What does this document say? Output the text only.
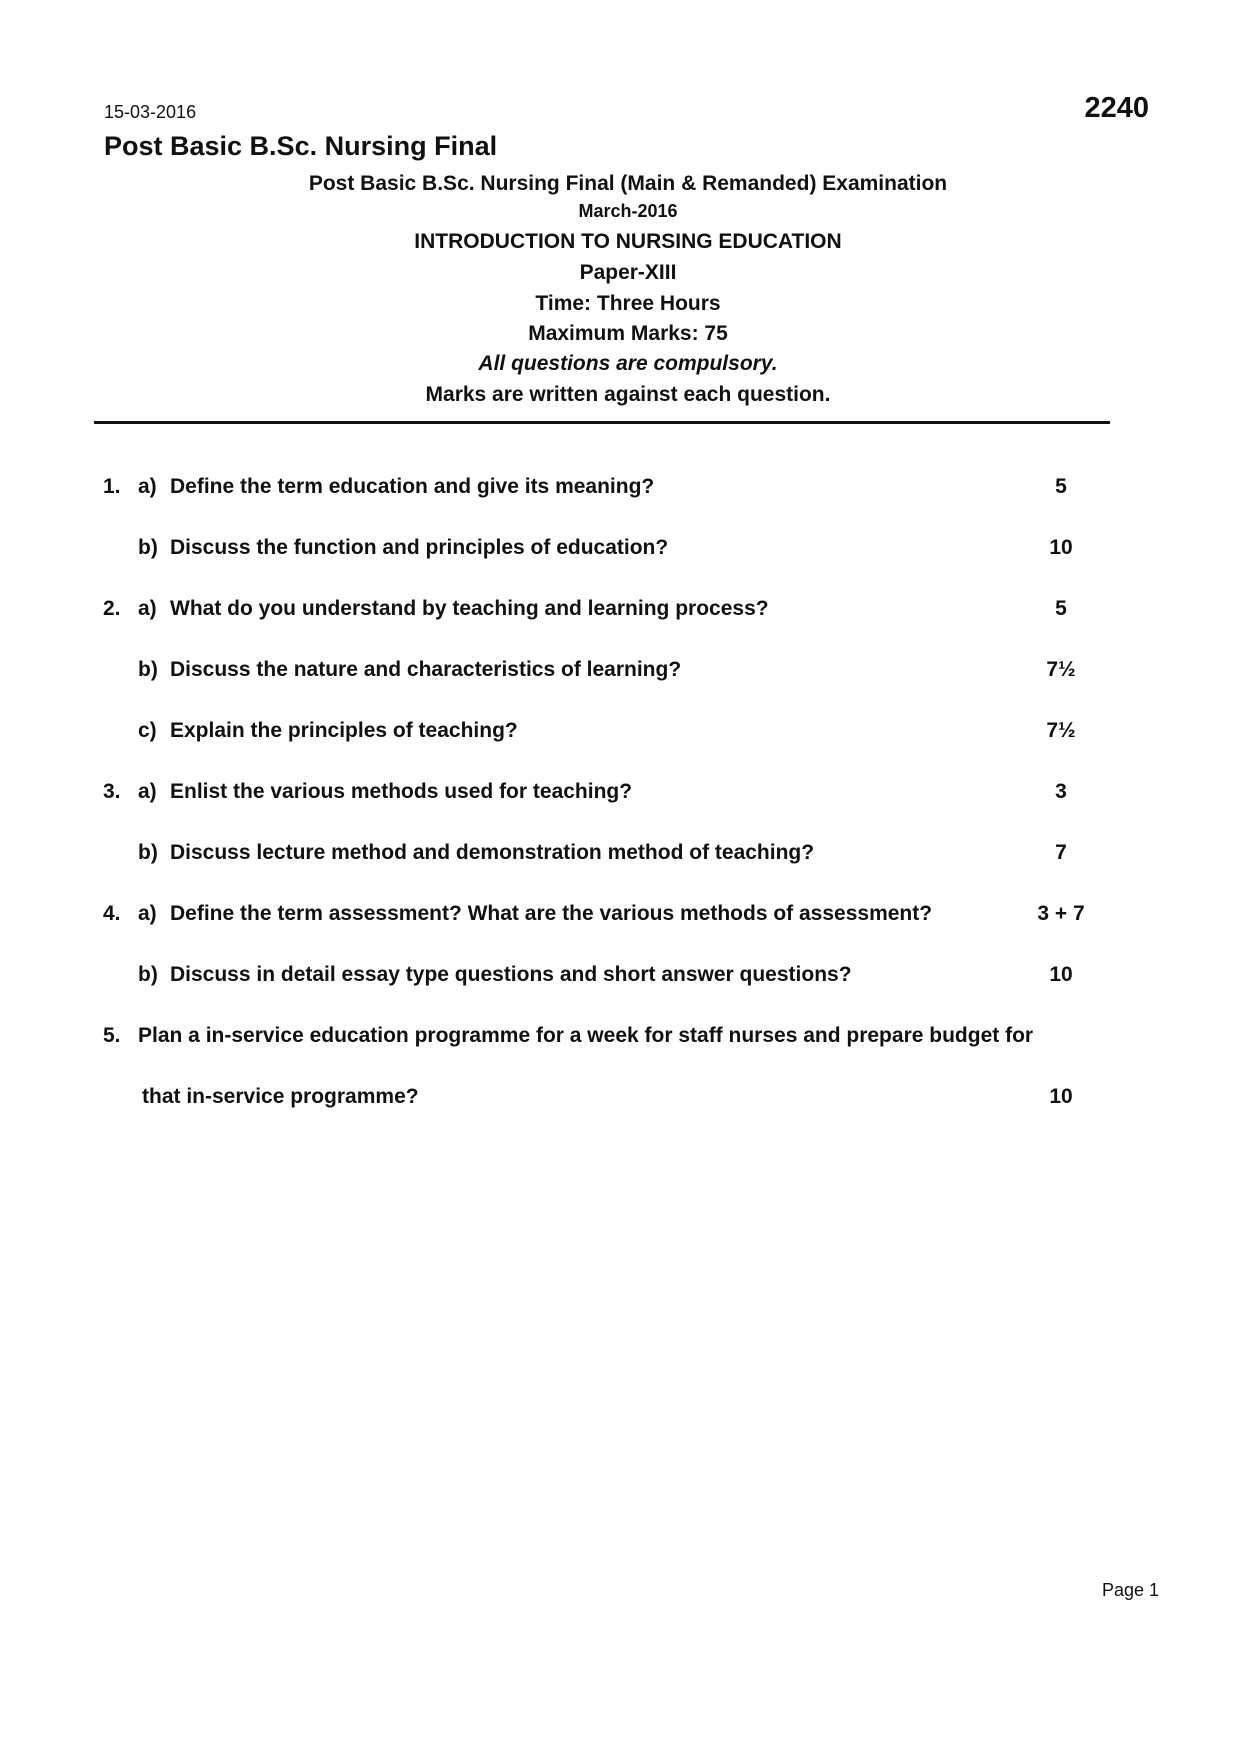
15-03-2016	2240
Post Basic B.Sc. Nursing Final
Post Basic B.Sc. Nursing Final (Main & Remanded) Examination
March-2016
INTRODUCTION TO NURSING EDUCATION
Paper-XIII
Time: Three Hours
Maximum Marks: 75
All questions are compulsory.
Marks are written against each question.
1. a) Define the term education and give its meaning?	5
b) Discuss the function and principles of education?	10
2. a) What do you understand by teaching and learning process?	5
b) Discuss the nature and characteristics of learning?	7½
c) Explain the principles of teaching?	7½
3. a) Enlist the various methods used for teaching?	3
b) Discuss lecture method and demonstration method of teaching?	7
4. a) Define the term assessment? What are the various methods of assessment?	3 + 7
b) Discuss in detail essay type questions and short answer questions?	10
5. Plan a in-service education programme for a week for staff nurses and prepare budget for
that in-service programme?	10
Page 1
